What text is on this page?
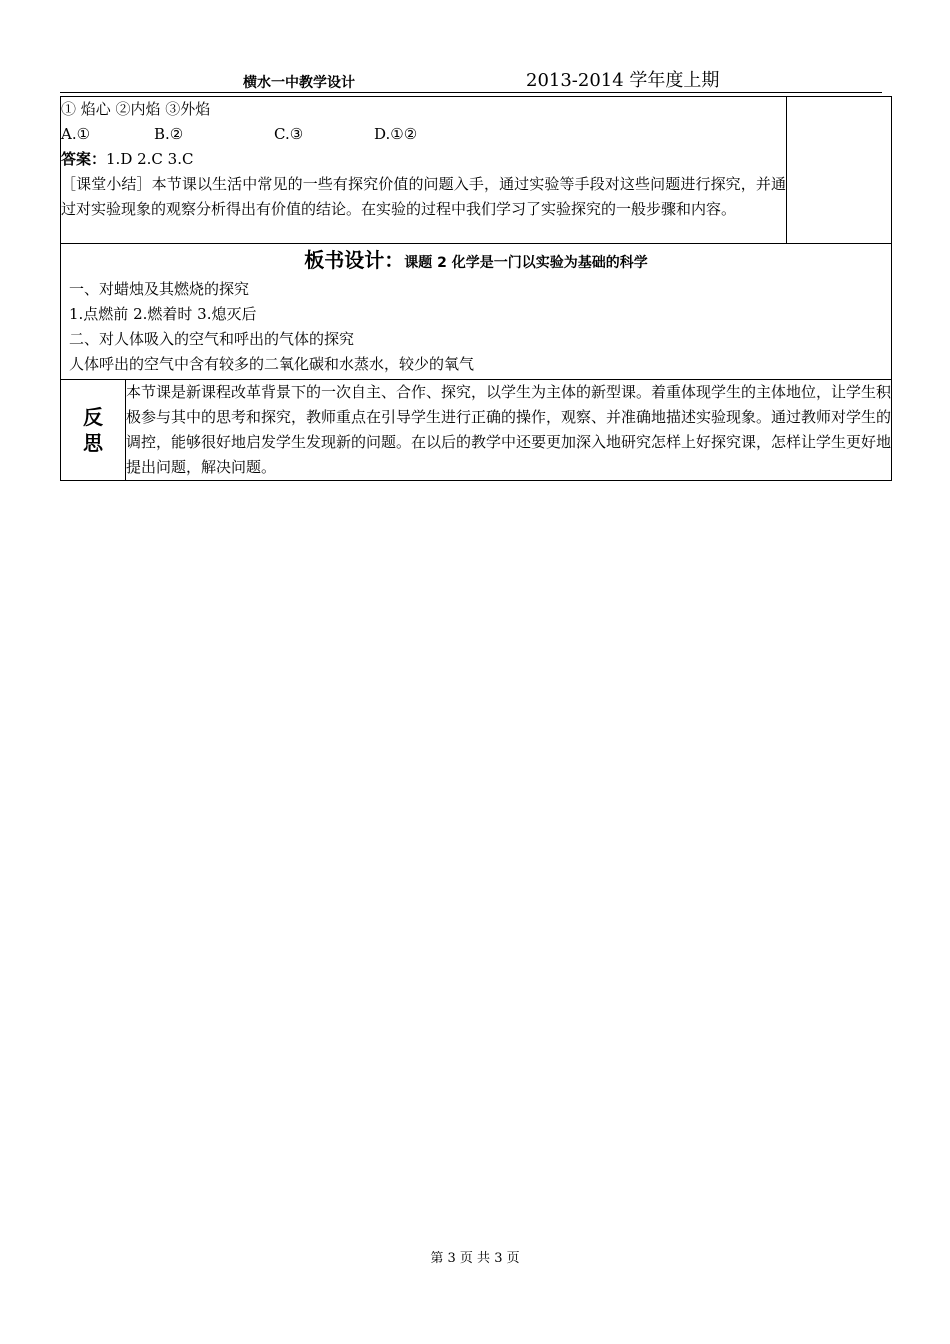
横水一中教学设计	2013-2014 学年度上期
① 焰心 ②内焰 ③外焰
A.① B.② C.③ D.①②
答案：1.D 2.C 3.C
［课堂小结］本节课以生活中常见的一些有探究价值的问题入手，通过实验等手段对这些问题进行探究，并通过对实验现象的观察分析得出有价值的结论。在实验的过程中我们学习了实验探究的一般步骤和内容。		

板书设计：课题 2 化学是一门以实验为基础的科学
一、对蜡烛及其燃烧的探究
1.点燃前 2.燃着时 3.熄灭后
二、对人体吸入的空气和呼出的气体的探究
人体呼出的空气中含有较多的二氧化碳和水蒸水，较少的氧气		

反
思	本节课是新课程改革背景下的一次自主、合作、探究，以学生为主体的新型课。着重体现学生的主体地位，让学生积极参与其中的思考和探究，教师重点在引导学生进行正确的操作，观察、并准确地描述实验现象。通过教师对学生的调控，能够很好地启发学生发现新的问题。在以后的教学中还要更加深入地研究怎样上好探究课，怎样让学生更好地提出问题，解决问题。	
第 3 页 共 3 页
